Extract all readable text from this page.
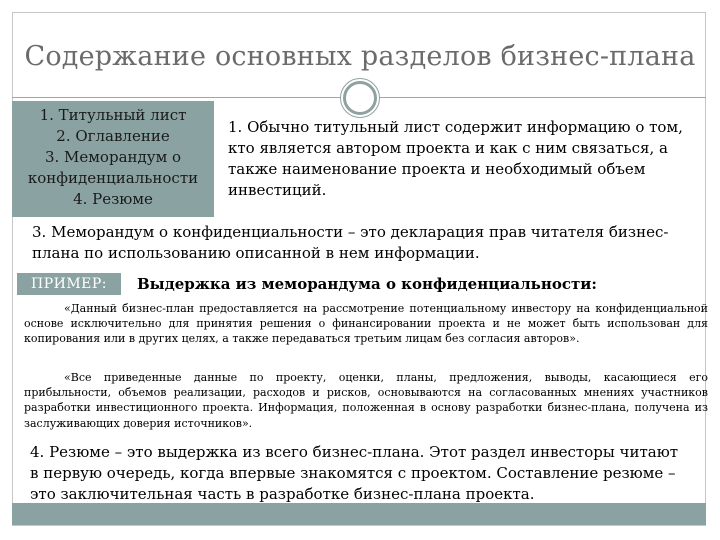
Содержание основных разделов бизнес-плана
1. Титульный лист
2. Оглавление
3. Меморандум о
конфиденциальности
4. Резюме
1. Обычно титульный лист содержит информацию о том, кто является автором проекта и как с ним связаться, а также наименование проекта и необходимый объем инвестиций.
3. Меморандум о конфиденциальности – это декларация прав читателя бизнес-плана по использованию описанной в нем информации.
ПРИМЕР:	Выдержка из меморандума о конфиденциальности:
«Данный бизнес-план предоставляется на рассмотрение потенциальному инвестору на конфиденциальной основе исключительно для принятия решения о финансировании проекта и не может быть использован для копирования или в других целях, а также передаваться третьим лицам без согласия авторов».
«Все приведенные данные по проекту, оценки, планы, предложения, выводы, касающиеся его прибыльности, объемов реализации, расходов и рисков, основываются на согласованных мнениях участников разработки инвестиционного проекта. Информация, положенная в основу разработки бизнес-плана, получена из заслуживающих доверия источников».
4. Резюме – это выдержка из всего бизнес-плана. Этот раздел инвесторы читают в первую очередь, когда впервые знакомятся с проектом. Составление резюме – это заключительная часть в разработке бизнес-плана проекта.
